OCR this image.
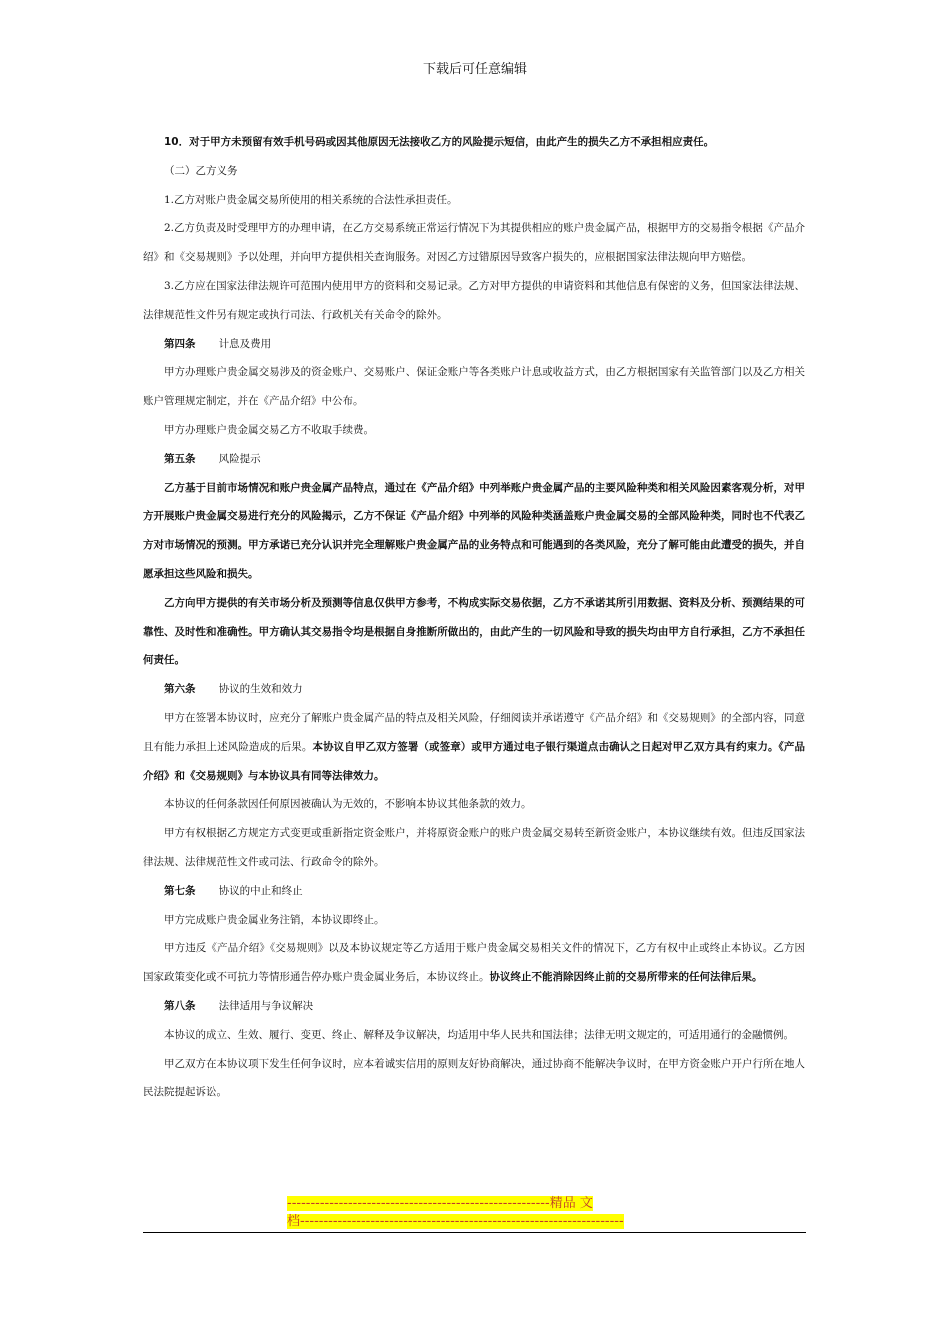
下载后可任意编辑

10．对于甲方未预留有效手机号码或因其他原因无法接收乙方的风险提示短信，由此产生的损失乙方不承担相应责任。

（二）乙方义务

1.乙方对账户贵金属交易所使用的相关系统的合法性承担责任。

2.乙方负责及时受理甲方的办理申请，在乙方交易系统正常运行情况下为其提供相应的账户贵金属产品，根据甲方的交易指令根据《产品介绍》和《交易规则》予以处理，并向甲方提供相关查询服务。对因乙方过错原因导致客户损失的，应根据国家法律法规向甲方赔偿。

3.乙方应在国家法律法规许可范围内使用甲方的资料和交易记录。乙方对甲方提供的申请资料和其他信息有保密的义务，但国家法律法规、法律规范性文件另有规定或执行司法、行政机关有关命令的除外。

第四条 计息及费用

甲方办理账户贵金属交易涉及的资金账户、交易账户、保证金账户等各类账户计息或收益方式，由乙方根据国家有关监管部门以及乙方相关账户管理规定制定，并在《产品介绍》中公布。

甲方办理账户贵金属交易乙方不收取手续费。

第五条 风险提示

乙方基于目前市场情况和账户贵金属产品特点，通过在《产品介绍》中列举账户贵金属产品的主要风险种类和相关风险因素客观分析，对甲方开展账户贵金属交易进行充分的风险揭示，乙方不保证《产品介绍》中列举的风险种类涵盖账户贵金属交易的全部风险种类，同时也不代表乙方对市场情况的预测。甲方承诺已充分认识并完全理解账户贵金属产品的业务特点和可能遇到的各类风险，充分了解可能由此遭受的损失，并自愿承担这些风险和损失。

乙方向甲方提供的有关市场分析及预测等信息仅供甲方参考，不构成实际交易依据，乙方不承诺其所引用数据、资料及分析、预测结果的可靠性、及时性和准确性。甲方确认其交易指令均是根据自身推断所做出的，由此产生的一切风险和导致的损失均由甲方自行承担，乙方不承担任何责任。

第六条 协议的生效和效力

甲方在签署本协议时，应充分了解账户贵金属产品的特点及相关风险，仔细阅读并承诺遵守《产品介绍》和《交易规则》的全部内容，同意且有能力承担上述风险造成的后果。本协议自甲乙双方签署（或签章）或甲方通过电子银行渠道点击确认之日起对甲乙双方具有约束力。《产品介绍》和《交易规则》与本协议具有同等法律效力。

本协议的任何条款因任何原因被确认为无效的，不影响本协议其他条款的效力。

甲方有权根据乙方规定方式变更或重新指定资金账户，并将原资金账户的账户贵金属交易转至新资金账户，本协议继续有效。但违反国家法律法规、法律规范性文件或司法、行政命令的除外。

第七条 协议的中止和终止

甲方完成账户贵金属业务注销，本协议即终止。

甲方违反《产品介绍》《交易规则》以及本协议规定等乙方适用于账户贵金属交易相关文件的情况下，乙方有权中止或终止本协议。乙方因国家政策变化或不可抗力等情形通告停办账户贵金属业务后，本协议终止。协议终止不能消除因终止前的交易所带来的任何法律后果。

第八条 法律适用与争议解决

本协议的成立、生效、履行、变更、终止、解释及争议解决，均适用中华人民共和国法律；法律无明文规定的，可适用通行的金融惯例。

甲乙双方在本协议项下发生任何争议时，应本着诚实信用的原则友好协商解决，通过协商不能解决争议时，在甲方资金账户开户行所在地人民法院提起诉讼。

--------------------------------------------------------精品 文
档---------------------------------------------------------------------
